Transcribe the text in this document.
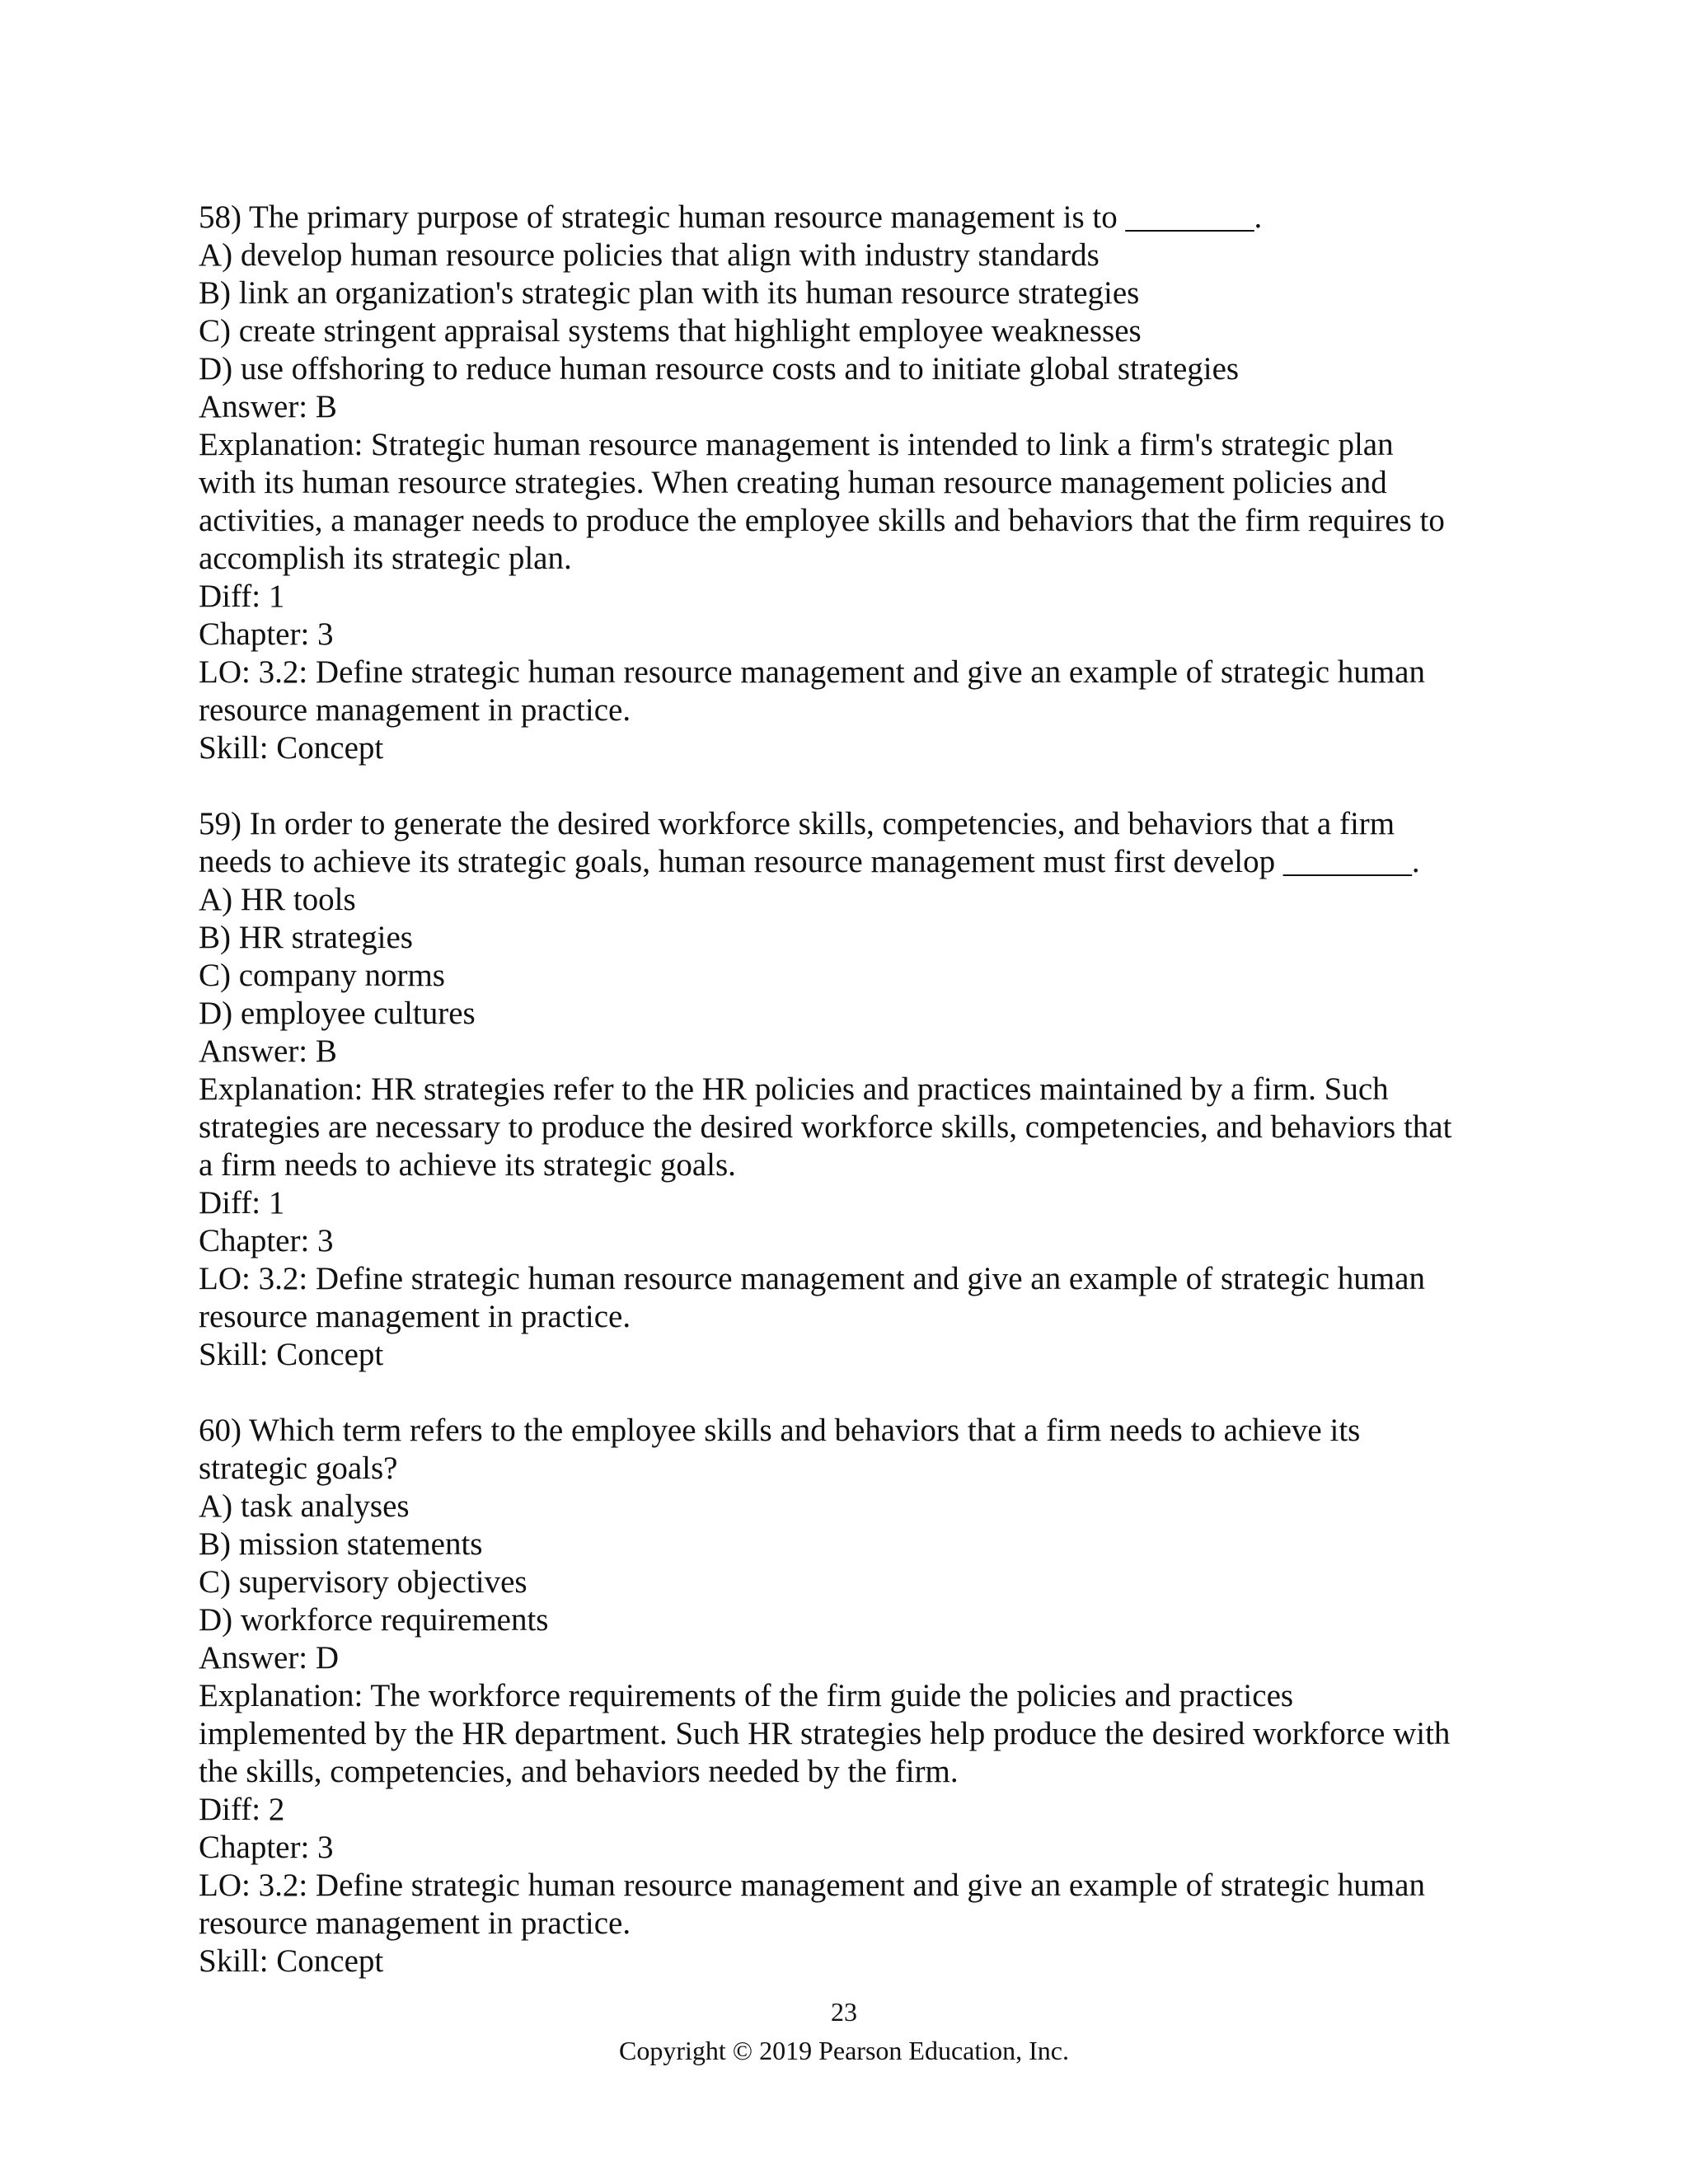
58) The primary purpose of strategic human resource management is to ________.
A) develop human resource policies that align with industry standards
B) link an organization's strategic plan with its human resource strategies
C) create stringent appraisal systems that highlight employee weaknesses
D) use offshoring to reduce human resource costs and to initiate global strategies
Answer: B
Explanation: Strategic human resource management is intended to link a firm's strategic plan
with its human resource strategies. When creating human resource management policies and
activities, a manager needs to produce the employee skills and behaviors that the firm requires to
accomplish its strategic plan.
Diff: 1
Chapter: 3
LO: 3.2: Define strategic human resource management and give an example of strategic human
resource management in practice.
Skill: Concept
59) In order to generate the desired workforce skills, competencies, and behaviors that a firm
needs to achieve its strategic goals, human resource management must first develop ________.
A) HR tools
B) HR strategies
C) company norms
D) employee cultures
Answer: B
Explanation: HR strategies refer to the HR policies and practices maintained by a firm. Such
strategies are necessary to produce the desired workforce skills, competencies, and behaviors that
a firm needs to achieve its strategic goals.
Diff: 1
Chapter: 3
LO: 3.2: Define strategic human resource management and give an example of strategic human
resource management in practice.
Skill: Concept
60) Which term refers to the employee skills and behaviors that a firm needs to achieve its
strategic goals?
A) task analyses
B) mission statements
C) supervisory objectives
D) workforce requirements
Answer: D
Explanation: The workforce requirements of the firm guide the policies and practices
implemented by the HR department. Such HR strategies help produce the desired workforce with
the skills, competencies, and behaviors needed by the firm.
Diff: 2
Chapter: 3
LO: 3.2: Define strategic human resource management and give an example of strategic human
resource management in practice.
Skill: Concept
23
Copyright © 2019 Pearson Education, Inc.
